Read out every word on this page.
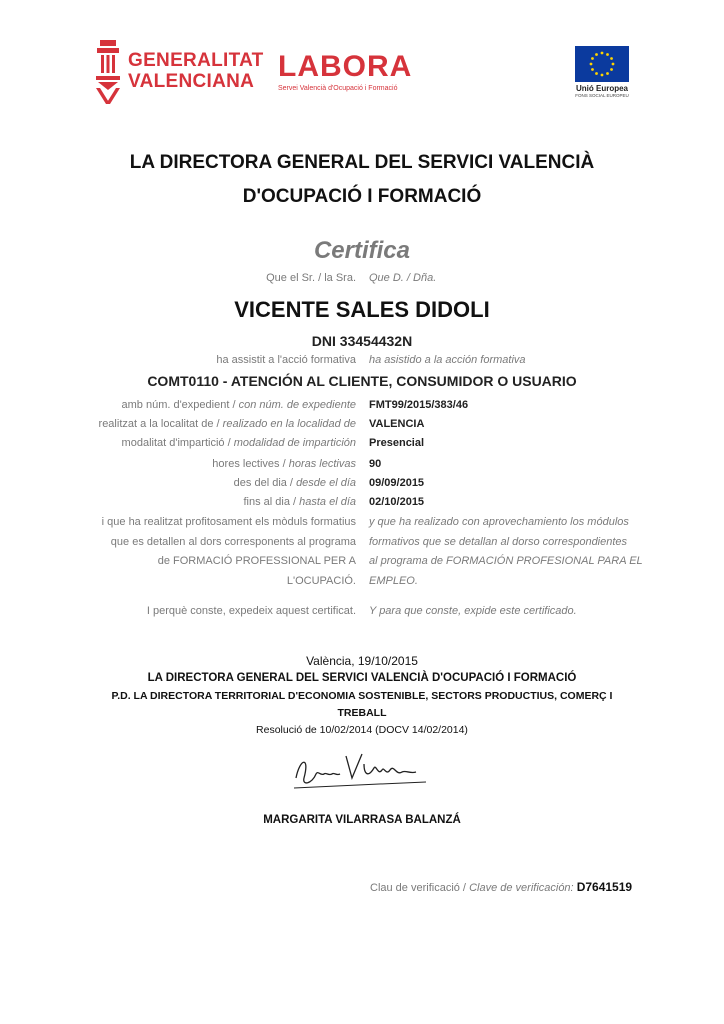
GENERALITAT
VALENCIANA LABORA
Servei Valencià d'Ocupació i Formació	Unió Europea
FONS SOCIAL EUROPEU
LA DIRECTORA GENERAL DEL SERVICI VALENCIÀ
D'OCUPACIÓ I FORMACIÓ
Certifica
Que el Sr. / la Sra. Que D. / Dña.
VICENTE SALES DIDOLI
DNI 33454432N
ha assistit a l'acció formativa ha asistido a la acción formativa
COMT0110 - ATENCIÓN AL CLIENTE, CONSUMIDOR O USUARIO
amb núm. d'expedient / con núm. de expediente FMT99/2015/383/46
realitzat a la localitat de / realizado en la localidad de VALENCIA
modalitat d'impartició / modalidad de impartición Presencial
hores lectives / horas lectivas 90
des del dia / desde el día 09/09/2015
fins al dia / hasta el día 02/10/2015
i que ha realitzat profitosament els mòduls formatius
que es detallen al dors corresponents al programa
de FORMACIÓ PROFESSIONAL PER A
L'OCUPACIÓ.
y que ha realizado con aprovechamiento los módulos
formativos que se detallan al dorso correspondientes
al programa de FORMACIÓN PROFESIONAL PARA EL
EMPLEO.
I perquè conste, expedeix aquest certificat. Y para que conste, expide este certificado.
València, 19/10/2015
LA DIRECTORA GENERAL DEL SERVICI VALENCIÀ D'OCUPACIÓ I FORMACIÓ
P.D. LA DIRECTORA TERRITORIAL D'ECONOMIA SOSTENIBLE, SECTORS PRODUCTIUS, COMERÇ I
TREBALL
Resolució de 10/02/2014 (DOCV 14/02/2014)
MARGARITA VILARRASA BALANZÁ
Clau de verificació / Clave de verificación: D7641519
